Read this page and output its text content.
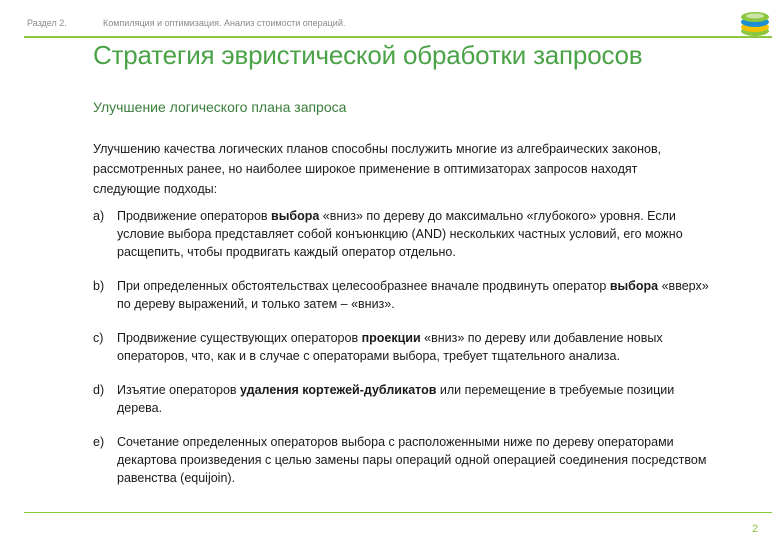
Раздел 2.	Компиляция и оптимизация. Анализ стоимости операций.
Стратегия эвристической обработки запросов
Улучшение логического плана запроса
Улучшению качества логических планов способны послужить многие из алгебраических законов, рассмотренных ранее, но наиболее широкое применение в оптимизаторах запросов находят следующие подходы:
a) Продвижение операторов выбора «вниз» по дереву до максимально «глубокого» уровня. Если условие выбора представляет собой конъюнкцию (AND) нескольких частных условий, его можно расщепить, чтобы продвигать каждый оператор отдельно.
b) При определенных обстоятельствах целесообразнее вначале продвинуть оператор выбора «вверх» по дереву выражений, и только затем – «вниз».
c) Продвижение существующих операторов проекции «вниз» по дереву или добавление новых операторов, что, как и в случае с операторами выбора, требует тщательного анализа.
d) Изъятие операторов удаления кортежей-дубликатов или перемещение в требуемые позиции дерева.
e) Сочетание определенных операторов выбора с расположенными ниже по дереву операторами декартова произведения с целью замены пары операций одной операцией соединения посредством равенства (equijoin).
2
